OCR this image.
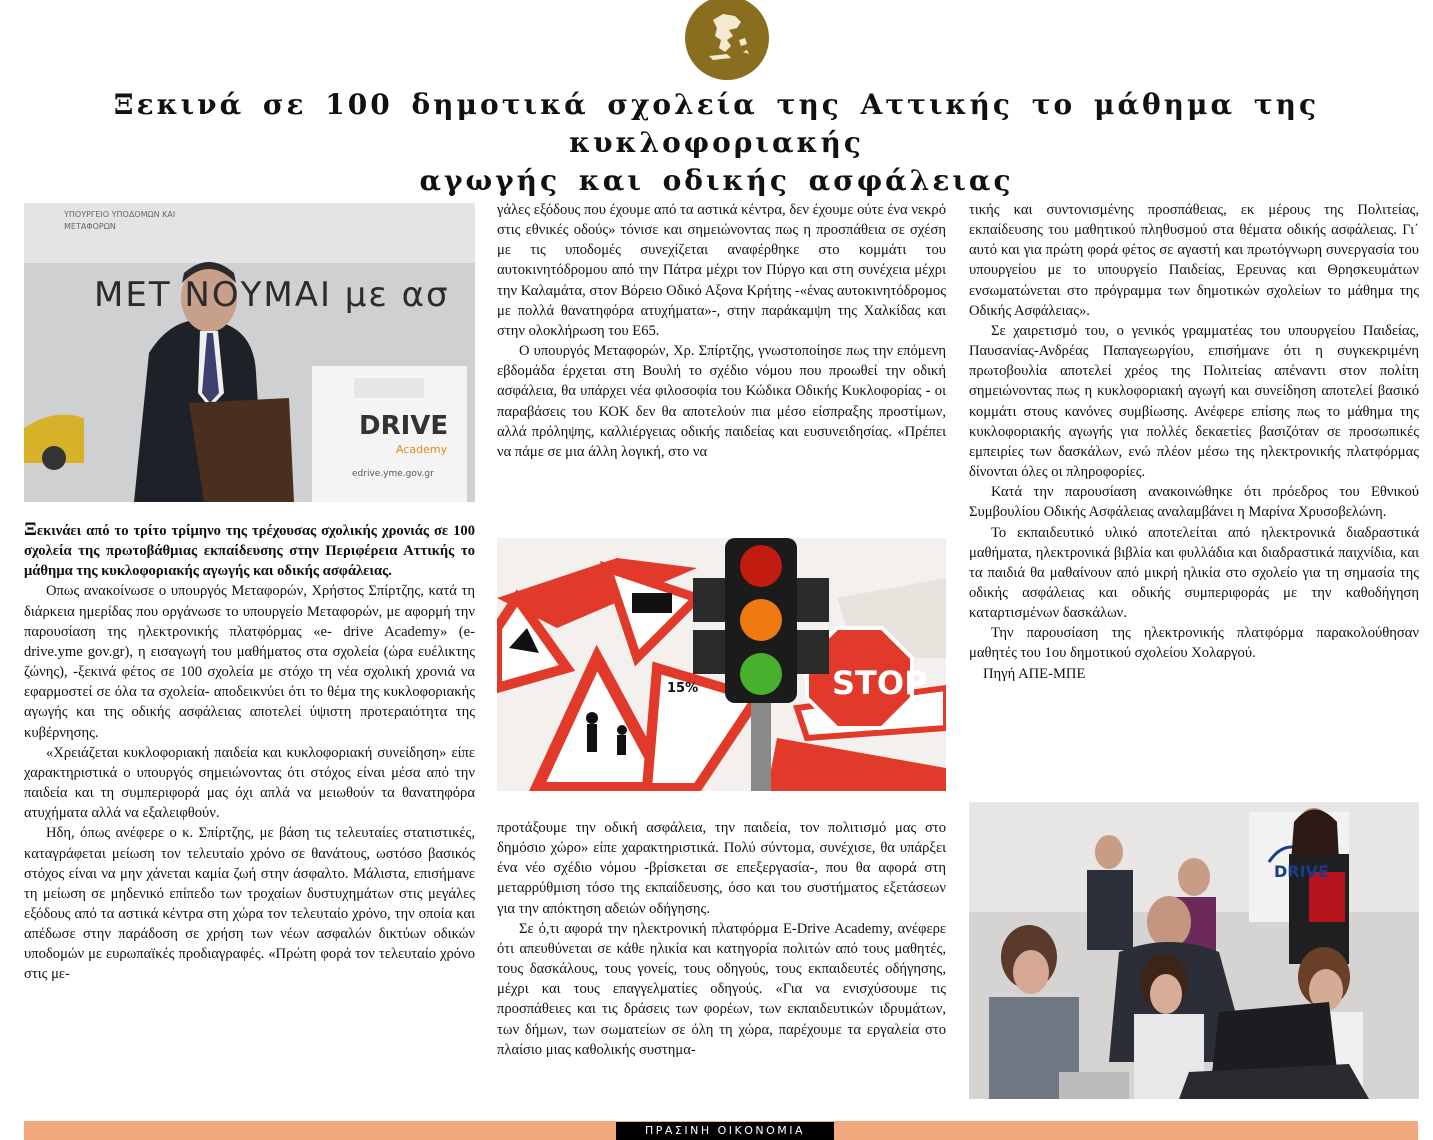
Ξεκινά σε 100 δημοτικά σχολεία της Αττικής το μάθημα της κυκλοφοριακής
αγωγής και οδικής ασφάλειας
ΥΠΟΥΡΓΕΙΟ ΥΠΟΔΟΜΩΝ ΚΑΙ ΜΕΤΑΦΟΡΩΝ
ΜΕΤ ΝΟΥΜΑΙ με ασ
DRIVE
Academy
edrive.yme.gov.gr

Ξεκινάει από το τρίτο τρίμηνο της τρέχουσας σχολικής χρονιάς σε 100 σχολεία της πρωτοβάθμιας εκπαίδευσης στην Περιφέρεια Αττικής το μάθημα της κυκλοφοριακής αγωγής και οδικής ασφάλειας.

Οπως ανακοίνωσε ο υπουργός Μεταφορών, Χρήστος Σπίρτζης, κατά τη διάρκεια ημερίδας που οργάνωσε το υπουργείο Μεταφορών, με αφορμή την παρουσίαση της ηλεκτρονικής πλατφόρμας «e- drive Academy» (e-drive.yme gov.gr), η εισαγωγή του μαθήματος στα σχολεία (ώρα ευέλικτης ζώνης), -ξεκινά φέτος σε 100 σχολεία με στόχο τη νέα σχολική χρονιά να εφαρμοστεί σε όλα τα σχολεία- αποδεικνύει ότι το θέμα της κυκλοφοριακής αγωγής και της οδικής ασφάλειας αποτελεί ύψιστη προτεραιότητα της κυβέρνησης.

«Χρειάζεται κυκλοφοριακή παιδεία και κυκλοφοριακή συνείδηση» είπε χαρακτηριστικά ο υπουργός σημειώνοντας ότι στόχος είναι μέσα από την παιδεία και τη συμπεριφορά μας όχι απλά να μειωθούν τα θανατηφόρα ατυχήματα αλλά να εξαλειφθούν.

Ηδη, όπως ανέφερε ο κ. Σπίρτζης, με βάση τις τελευταίες στατιστικές, καταγράφεται μείωση τον τελευταίο χρόνο σε θανάτους, ωστόσο βασικός στόχος είναι να μην χάνεται καμία ζωή στην άσφαλτο. Μάλιστα, επισήμανε τη μείωση σε μηδενικό επίπεδο των τροχαίων δυστυχημάτων στις μεγάλες εξόδους από τα αστικά κέντρα στη χώρα τον τελευταίο χρόνο, την οποία και απέδωσε στην παράδοση σε χρήση των νέων ασφαλών δικτύων οδικών υποδομών με ευρωπαϊκές προδιαγραφές. «Πρώτη φορά τον τελευταίο χρόνο στις με-

γάλες εξόδους που έχουμε από τα αστικά κέντρα, δεν έχουμε ούτε ένα νεκρό στις εθνικές οδούς» τόνισε και σημειώνοντας πως η προσπάθεια σε σχέση με τις υποδομές συνεχίζεται αναφέρθηκε στο κομμάτι του αυτοκινητόδρομου από την Πάτρα μέχρι τον Πύργο και στη συνέχεια μέχρι την Καλαμάτα, στον Βόρειο Οδικό Αξονα Κρήτης -«ένας αυτοκινητόδρομος με πολλά θανατηφόρα ατυχήματα»-, στην παράκαμψη της Χαλκίδας και στην ολοκλήρωση του Ε65.

Ο υπουργός Μεταφορών, Χρ. Σπίρτζης, γνωστοποίησε πως την επόμενη εβδομάδα έρχεται στη Βουλή το σχέδιο νόμου που προωθεί την οδική ασφάλεια, θα υπάρχει νέα φιλοσοφία του Κώδικα Οδικής Κυκλοφορίας - οι παραβάσεις του ΚΟΚ δεν θα αποτελούν πια μέσο είσπραξης προστίμων, αλλά πρόληψης, καλλιέργειας οδικής παιδείας και ευσυνειδησίας. «Πρέπει να πάμε σε μια άλλη λογική, στο να

STOP
15%

προτάξουμε την οδική ασφάλεια, την παιδεία, τον πολιτισμό μας στο δημόσιο χώρο» είπε χαρακτηριστικά. Πολύ σύντομα, συνέχισε, θα υπάρξει ένα νέο σχέδιο νόμου -βρίσκεται σε επεξεργασία-, που θα αφορά στη μεταρρύθμιση τόσο της εκπαίδευσης, όσο και του συστήματος εξετάσεων για την απόκτηση αδειών οδήγησης.

Σε ό,τι αφορά την ηλεκτρονική πλατφόρμα E-Drive Academy, ανέφερε ότι απευθύνεται σε κάθε ηλικία και κατηγορία πολιτών από τους μαθητές, τους δασκάλους, τους γονείς, τους οδηγούς, τους εκπαιδευτές οδήγησης, μέχρι και τους επαγγελματίες οδηγούς. «Για να ενισχύσουμε τις προσπάθειες και τις δράσεις των φορέων, των εκπαιδευτικών ιδρυμάτων, των δήμων, των σωματείων σε όλη τη χώρα, παρέχουμε τα εργαλεία στο πλαίσιο μιας καθολικής συστημα-

τικής και συντονισμένης προσπάθειας, εκ μέρους της Πολιτείας, εκπαίδευσης του μαθητικού πληθυσμού στα θέματα οδικής ασφάλειας. Γι΄ αυτό και για πρώτη φορά φέτος σε αγαστή και πρωτόγνωρη συνεργασία του υπουργείου με το υπουργείο Παιδείας, Ερευνας και Θρησκευμάτων ενσωματώνεται στο πρόγραμμα των δημοτικών σχολείων το μάθημα της Οδικής Ασφάλειας».

Σε χαιρετισμό του, ο γενικός γραμματέας του υπουργείου Παιδείας, Παυσανίας-Ανδρέας Παπαγεωργίου, επισήμανε ότι η συγκεκριμένη πρωτοβουλία αποτελεί χρέος της Πολιτείας απέναντι στον πολίτη σημειώνοντας πως η κυκλοφοριακή αγωγή και συνείδηση αποτελεί βασικό κομμάτι στους κανόνες συμβίωσης. Ανέφερε επίσης πως το μάθημα της κυκλοφοριακής αγωγής για πολλές δεκαετίες βασιζόταν σε προσωπικές εμπειρίες των δασκάλων, ενώ πλέον μέσω της ηλεκτρονικής πλατφόρμας δίνονται όλες οι πληροφορίες.

Κατά την παρουσίαση ανακοινώθηκε ότι πρόεδρος του Εθνικού Συμβουλίου Οδικής Ασφάλειας αναλαμβάνει η Μαρίνα Χρυσοβελώνη.

Το εκπαιδευτικό υλικό αποτελείται από ηλεκτρονικά διαδραστικά μαθήματα, ηλεκτρονικά βιβλία και φυλλάδια και διαδραστικά παιχνίδια, και τα παιδιά θα μαθαίνουν από μικρή ηλικία στο σχολείο για τη σημασία της οδικής ασφάλειας και οδικής συμπεριφοράς με την καθοδήγηση καταρτισμένων δασκάλων.

Την παρουσίαση της ηλεκτρονικής πλατφόρμα παρακολούθησαν μαθητές του 1ου δημοτικού σχολείου Χολαργού.

Πηγή ΑΠΕ-ΜΠΕ

DRIVE
ΠΡΑΣΙΝΗ ΟΙΚΟΝΟΜΙΑ
